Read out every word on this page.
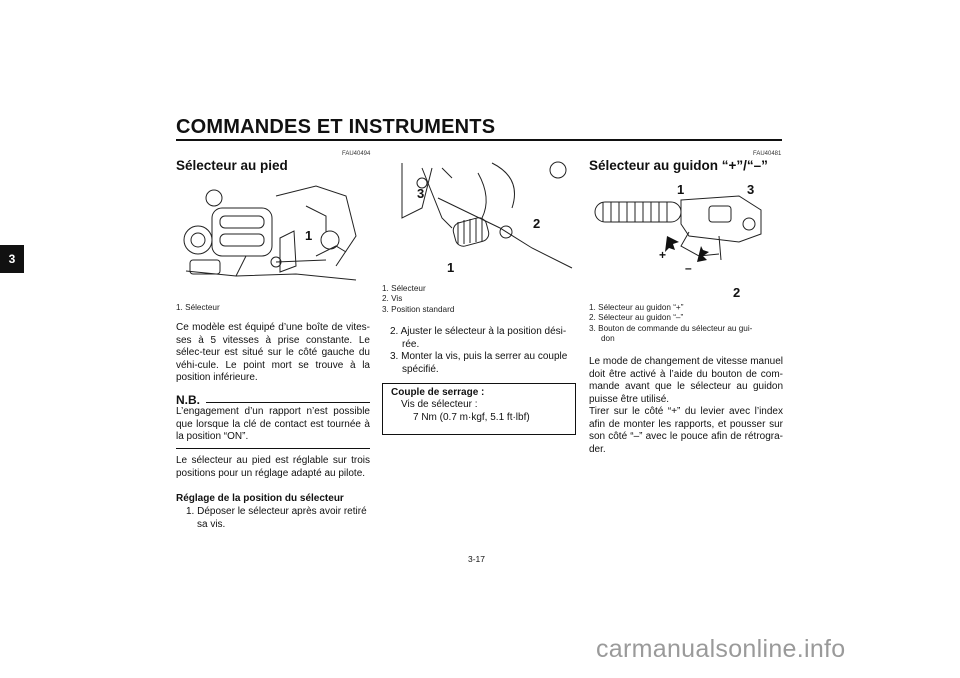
COMMANDES ET INSTRUMENTS
3
FAU40494
Sélecteur au pied
1
1. Sélecteur
Ce modèle est équipé d’une boîte de vites-ses à 5 vitesses à prise constante. Le sélec-teur est situé sur le côté gauche du véhi-cule. Le point mort se trouve à la position inférieure.
N.B.
L’engagement d’un rapport n’est possible que lorsque la clé de contact est tournée à la position “ON”.
Le sélecteur au pied est réglable sur trois positions pour un réglage adapté au pilote.
Réglage de la position du sélecteur
1. Déposer le sélecteur après avoir retiré
sa vis.
3
2
1
1. Sélecteur
2. Vis
3. Position standard
2. Ajuster le sélecteur à la position dési-
rée.
3. Monter la vis, puis la serrer au couple
spécifié.
Couple de serrage :
Vis de sélecteur :
7 Nm (0.7 m·kgf, 5.1 ft·lbf)
FAU40481
Sélecteur au guidon “+”/“–”
1	3
2
+
–
1. Sélecteur au guidon “+”
2. Sélecteur au guidon “–”
3. Bouton de commande du sélecteur au gui-
don
Le mode de changement de vitesse manuel doit être activé à l’aide du bouton de com-mande avant que le sélecteur au guidon puisse être utilisé.
Tirer sur le côté “+” du levier avec l’index afin de monter les rapports, et pousser sur son côté “–” avec le pouce afin de rétrogra-der.
3-17
carmanualsonline.info
